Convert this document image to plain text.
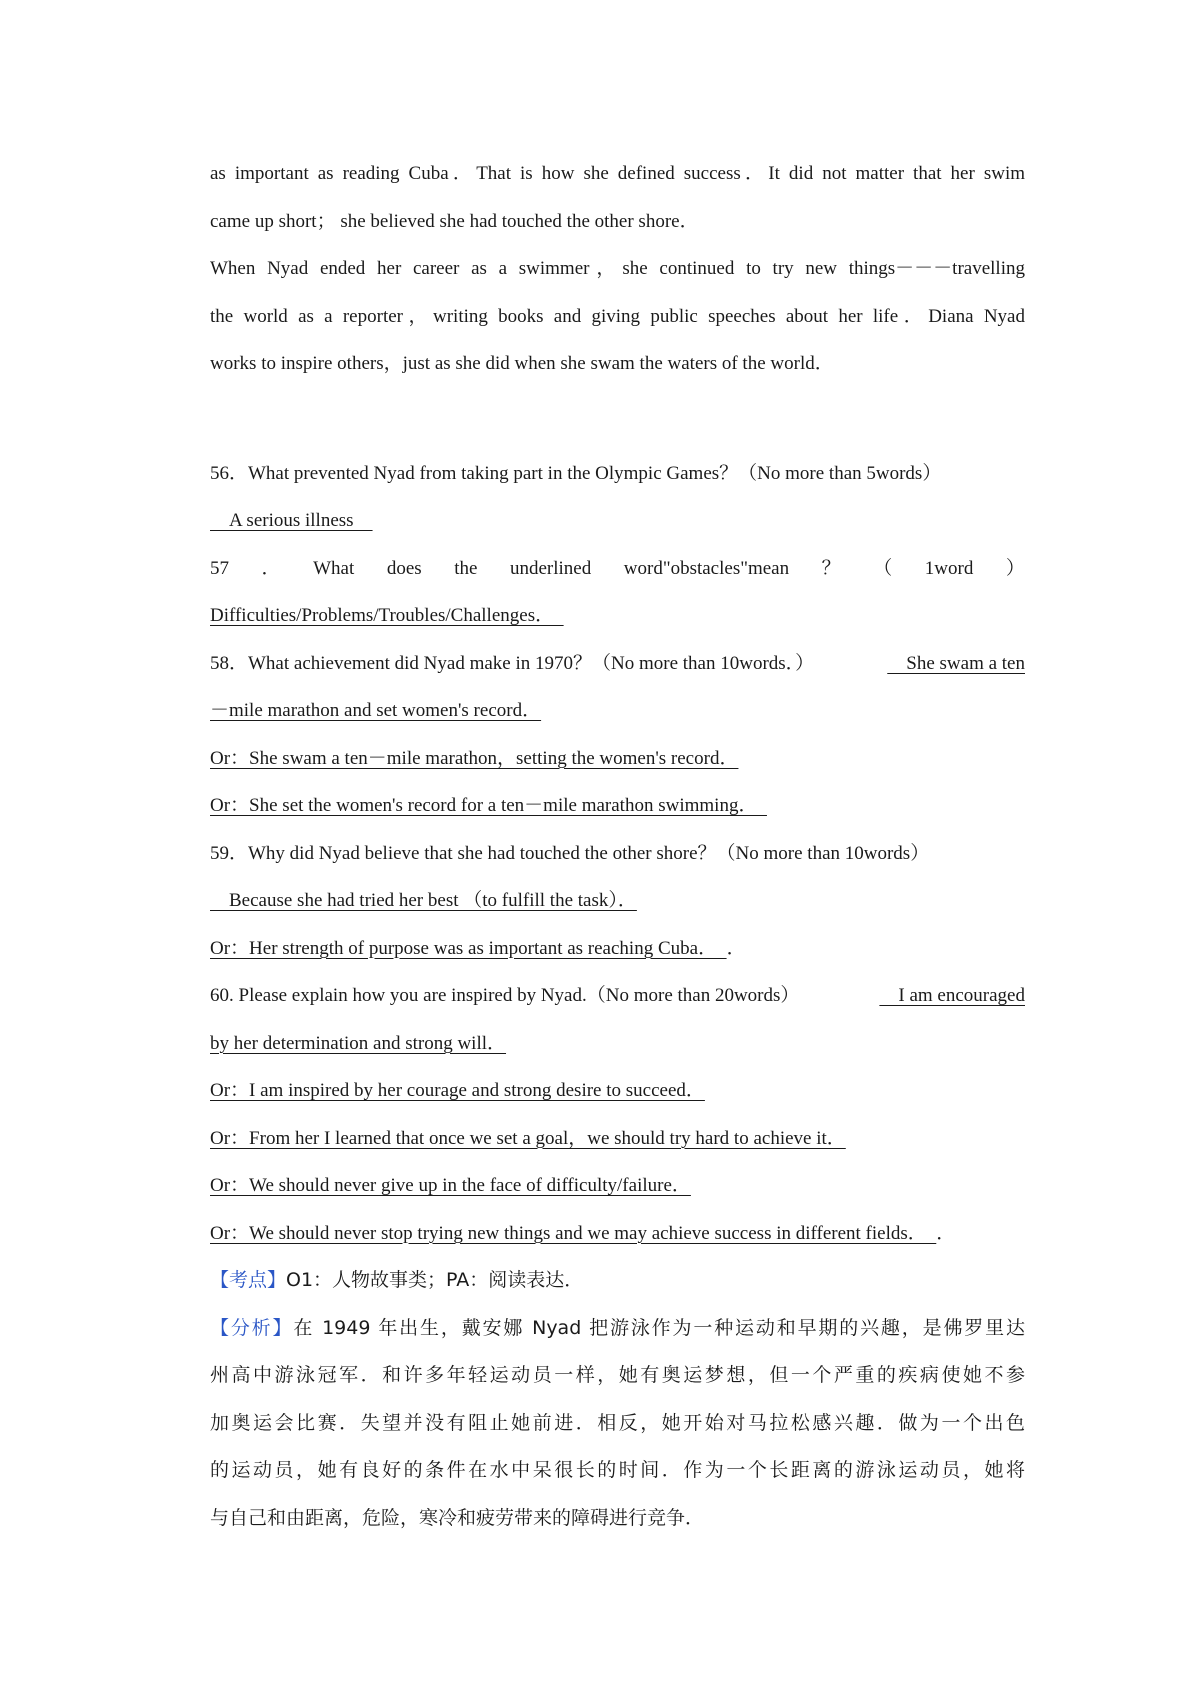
as important as reading Cuba．That is how she defined success．It did not matter that her swim
came up short； she believed she had touched the other shore．
When Nyad ended her career as a swimmer，she continued to try new things－－－travelling
the world as a reporter，writing books and giving public speeches about her life．Diana Nyad
works to inspire others，just as she did when she swam the waters of the world．
56．What prevented Nyad from taking part in the Olympic Games？（No more than 5words）
　A serious illness　
57 ． What does the underlined word"obstacles"mean ？ （ 1word ）
Difficulties/Problems/Troubles/Challenges．　
58．What achievement did Nyad make in 1970？（No more than 10words．）	　She swam a ten
－mile marathon and set women's record．
Or：She swam a ten－mile marathon，setting the women's record．
Or：She set the women's record for a ten－mile marathon swimming．　
59．Why did Nyad believe that she had touched the other shore？（No more than 10words）
　Because she had tried her best （to fulfill the task）．
Or：Her strength of purpose was as important as reaching Cuba．　．
60. Please explain how you are inspired by Nyad.（No more than 20words）	　I am encouraged
by her determination and strong will．
Or：I am inspired by her courage and strong desire to succeed．
Or：From her I learned that once we set a goal，we should try hard to achieve it．
Or：We should never give up in the face of difficulty/failure．
Or：We should never stop trying new things and we may achieve success in different fields．　．
【考点】O1：人物故事类；PA：阅读表达．
【分析】在 1949 年出生，戴安娜 Nyad 把游泳作为一种运动和早期的兴趣，是佛罗里达
州高中游泳冠军．和许多年轻运动员一样，她有奥运梦想，但一个严重的疾病使她不参
加奥运会比赛．失望并没有阻止她前进．相反，她开始对马拉松感兴趣．做为一个出色
的运动员，她有良好的条件在水中呆很长的时间．作为一个长距离的游泳运动员，她将
与自己和由距离，危险，寒冷和疲劳带来的障碍进行竞争．
